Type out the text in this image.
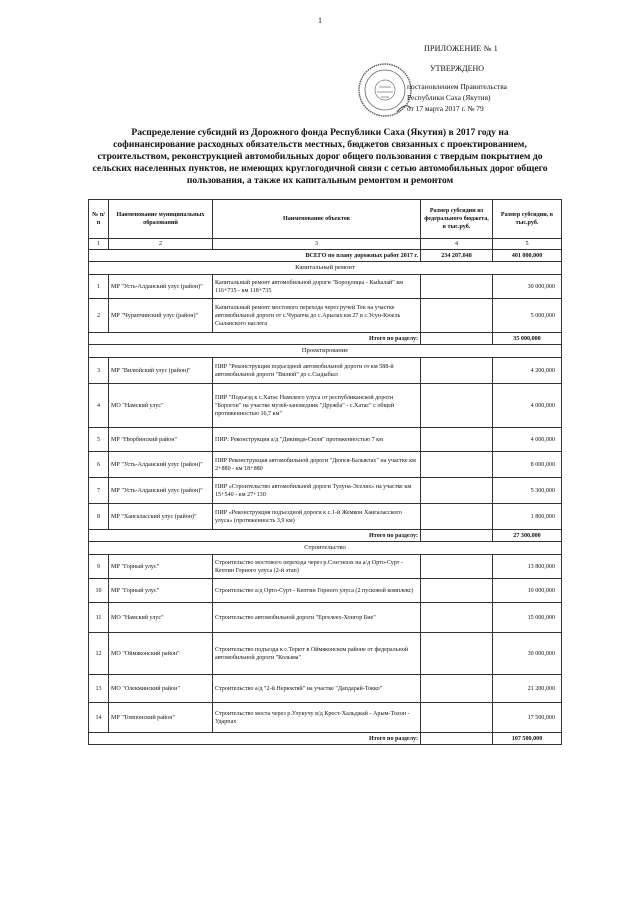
1
ПРИЛОЖЕНИЕ № 1
УТВЕРЖДЕНО
постановлением Правительства
Республики Саха (Якутия)
от 17 марта 2017 г. № 79
Распределение субсидий из Дорожного фонда Республики Саха (Якутия) в 2017 году на софинансирование расходных обязательств местных, бюджетов связанных с проектированием, строительством, реконструкцией автомобильных дорог общего пользования с твердым покрытием до сельских населенных пунктов, не имеющих круглогодичной связи с сетью автомобильных дорог общего пользования, а также их капитальным ремонтом и ремонтом
№ п/п	Наименование муниципальных образований	Наименование объектов	Размер субсидии из федерального бюджета, в тыс.руб.	Размер субсидии, в тыс.руб.
1	2	3	4	5
ВСЕГО по плану дорожных работ 2017 г.			234 207,048	401 000,000
Капитальный ремонт				
1	МР "Усть-Алданский улус (район)"	Капитальный ремонт автомобильной дороги "Бороҕонцы - Кыһалай" км 116+735 - км 118+735		30 000,000
2	МР "Чурапчинский улус (район)"	Капитальный ремонт мостового перехода через ручей Тек на участке автомобильной дороги от с.Чурапча до с.Арылах км 27 в с.Усун-Кюель Сыланского наслега		5 000,000
Итого по разделу:				35 000,000
Проектирование				
3	МР "Вилюйский улус (район)"	ПИР "Реконструкция подъездной автомобильной дороги от км 588-й автомобильной дороги "Вилюй" до с.Сыдыбыл		4 200,000
4	МО "Намский улус"	ПИР "Подъезд к с.Хатас Намского улуса от республиканской дороги "Борогон" на участке музей-заповедник "Дружба" - с.Хатас" с общей протяженностью 16,7 км"		4 000,000
5	МР "Нюрбинский район"	ПИР: Реконструкция а/д "Дикимдя-Сюля" протяженностью 7 км		4 000,000
6	МР "Усть-Алданский улус (район)"	ПИР Реконструкция автомобильной дороги "Дюпся-Балыктах" на участке км 2+880 - км 18+880		8 000,000
7	МР "Усть-Алданский улус (район)"	ПИР «Строительство автомобильной дороги Тулуна-Эселях» на участке км 15+540 - км 27+130		5 300,000
8	МР "Хангаласский улус (район)"	ПИР «Реконструкция подъездной дороги к с.1-й Жемкон Хангаласского улуса» (протяженность 3,9 км)		1 800,000
Итого по разделу:				27 300,000
Строительство				
9	МР "Горный улус"	Строительство мостового перехода через р.Сээгэнээх на а/д Орто-Сурт - Кептин Горного улуса (2-й этап)		13 800,000
10	МР "Горный улус"	Строительство а/д Орто-Сурт - Кептин Горного улуса (2 пусковой комплекс)		10 000,000
11	МО "Намский улус"	Строительство автомобильной дороги "Ергелеех-Хонгор Бие"		15 000,000
12	МО "Оймяконский район"	Строительство подъезда к с.Терют в Оймяконском районе от федеральной автомобильной дороги "Колыма"		30 000,000
13	МО "Олекминский район"	Строительство а/д "2-й Нерюктяй" на участке "Дапдарай-Токко"		21 200,000
14	МР "Томпонский район"	Строительство моста через р.Улукучу в/д Крест-Хальджай - Арым-Толон - Ударпах		17 500,000
Итого по разделу:				107 500,000
